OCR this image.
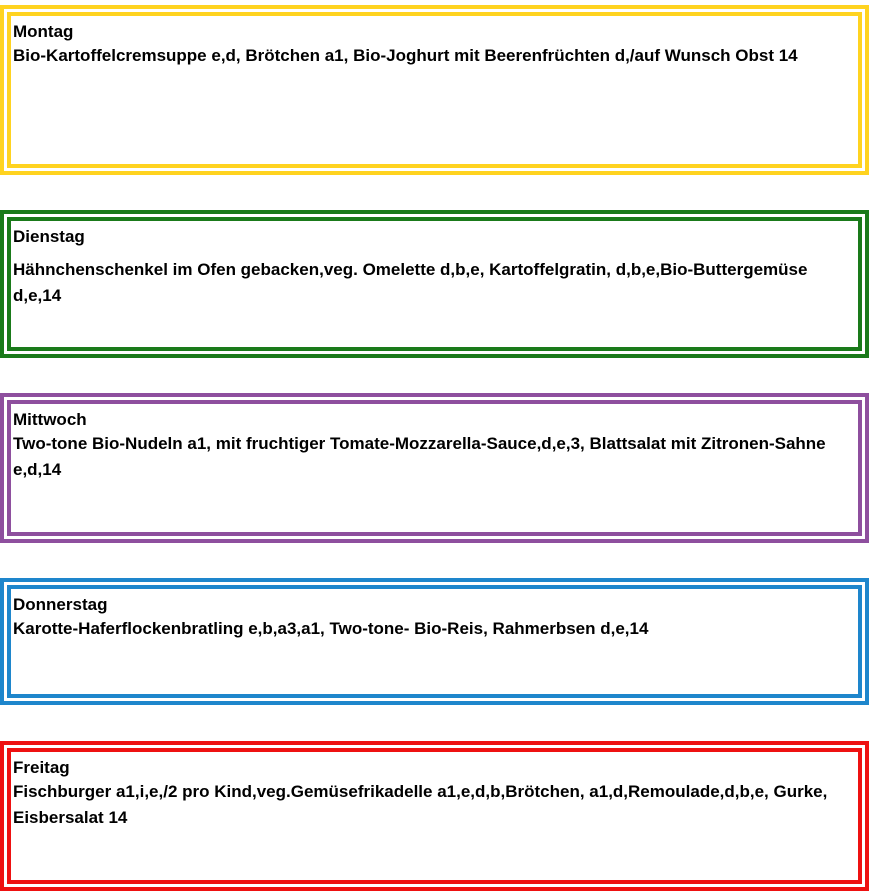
Montag
Bio-Kartoffelcremsuppe e,d, Brötchen a1, Bio-Joghurt mit Beerenfrüchten d,/auf Wunsch Obst 14
Dienstag
Hähnchenschenkel im Ofen gebacken,veg. Omelette d,b,e, Kartoffelgratin, d,b,e,Bio-Buttergemüse d,e,14
Mittwoch
Two-tone Bio-Nudeln a1, mit fruchtiger Tomate-Mozzarella-Sauce,d,e,3, Blattsalat mit Zitronen-Sahne e,d,14
Donnerstag
Karotte-Haferflockenbratling e,b,a3,a1, Two-tone- Bio-Reis, Rahmerbsen d,e,14
Freitag
Fischburger a1,i,e,/2 pro Kind,veg.Gemüsefrikadelle a1,e,d,b,Brötchen, a1,d,Remoulade,d,b,e, Gurke, Eisbersalat 14
